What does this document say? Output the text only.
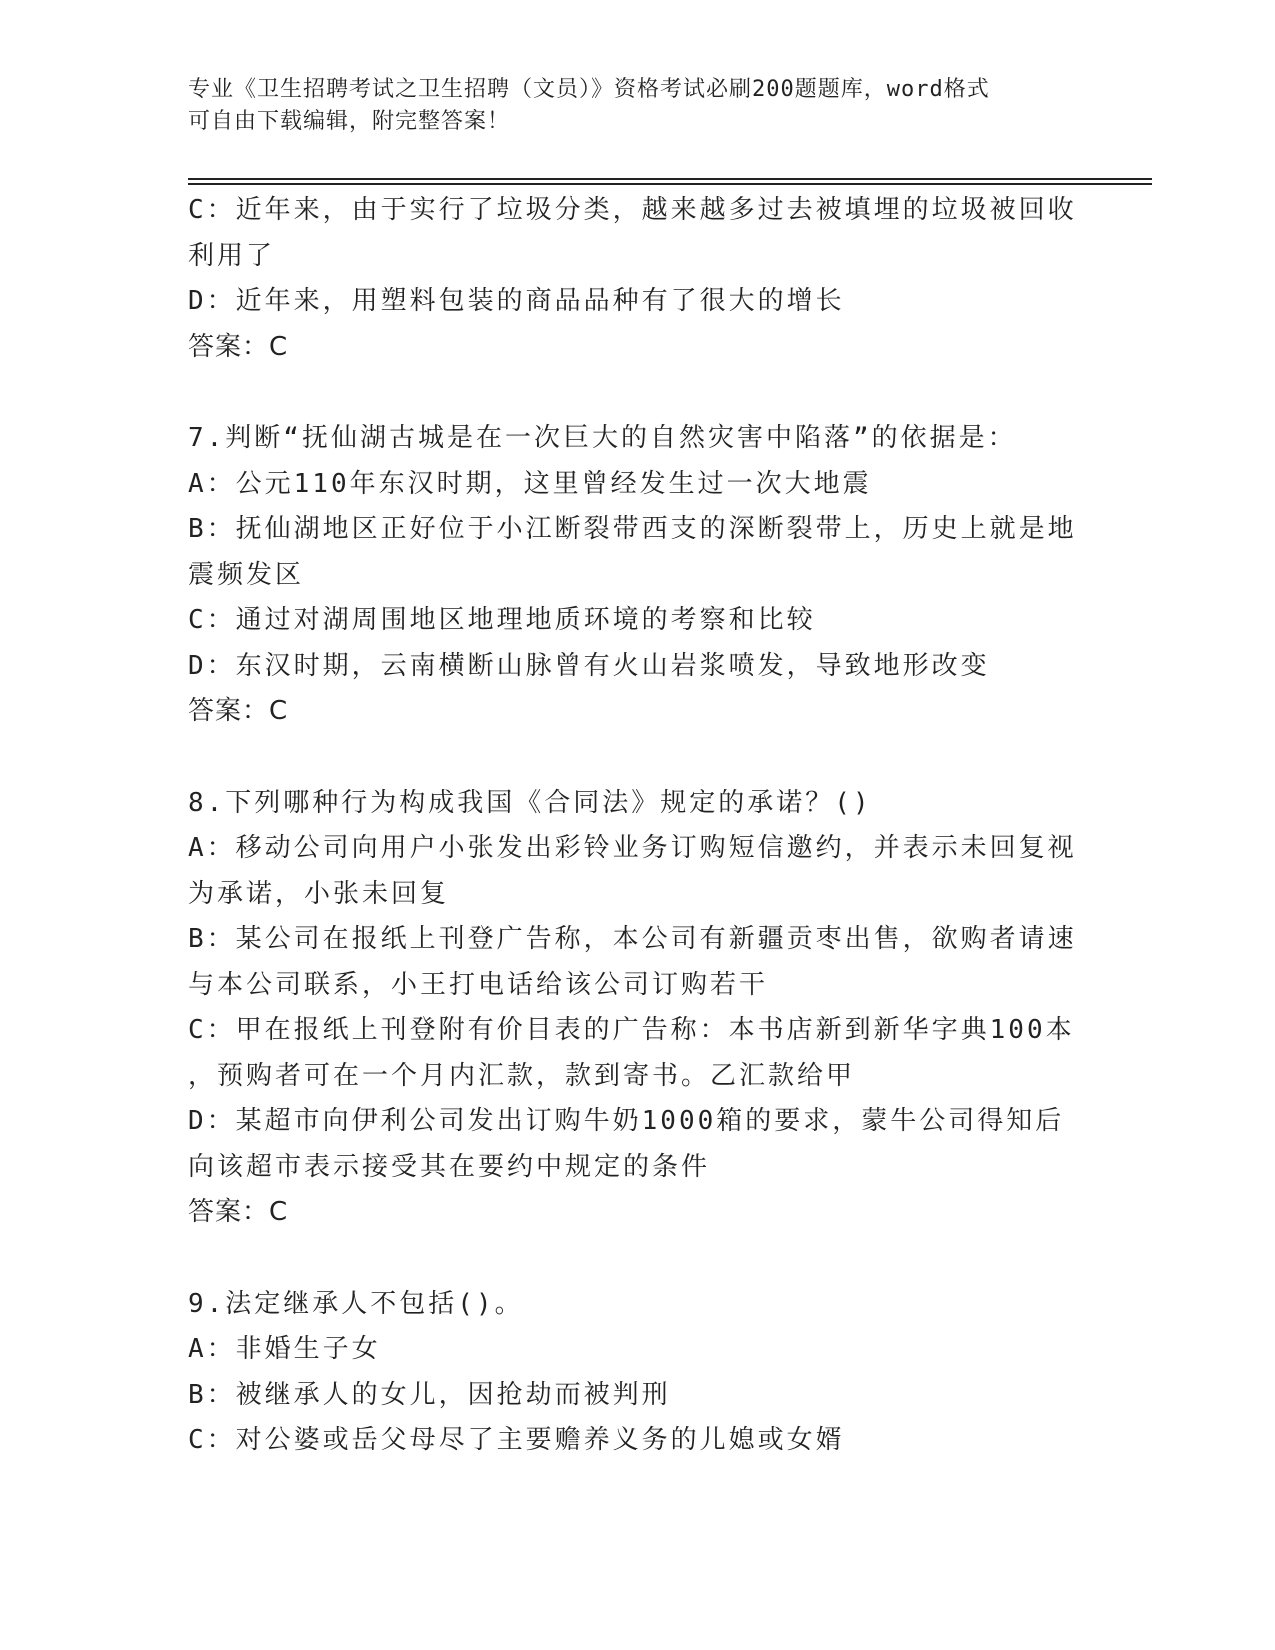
专业《卫生招聘考试之卫生招聘（文员）》资格考试必刷200题题库，word格式
可自由下载编辑，附完整答案！
C：近年来，由于实行了垃圾分类，越来越多过去被填埋的垃圾被回收
利用了
D：近年来，用塑料包装的商品品种有了很大的增长
答案：C
7.判断“抚仙湖古城是在一次巨大的自然灾害中陷落”的依据是：
A：公元110年东汉时期，这里曾经发生过一次大地震
B：抚仙湖地区正好位于小江断裂带西支的深断裂带上，历史上就是地
震频发区
C：通过对湖周围地区地理地质环境的考察和比较
D：东汉时期，云南横断山脉曾有火山岩浆喷发，导致地形改变
答案：C
8.下列哪种行为构成我国《合同法》规定的承诺？()
A：移动公司向用户小张发出彩铃业务订购短信邀约，并表示未回复视
为承诺，小张未回复
B：某公司在报纸上刊登广告称，本公司有新疆贡枣出售，欲购者请速
与本公司联系，小王打电话给该公司订购若干
C：甲在报纸上刊登附有价目表的广告称：本书店新到新华字典100本
，预购者可在一个月内汇款，款到寄书。乙汇款给甲
D：某超市向伊利公司发出订购牛奶1000箱的要求，蒙牛公司得知后
向该超市表示接受其在要约中规定的条件
答案：C
9.法定继承人不包括()。
A：非婚生子女
B：被继承人的女儿，因抢劫而被判刑
C：对公婆或岳父母尽了主要赡养义务的儿媳或女婿
